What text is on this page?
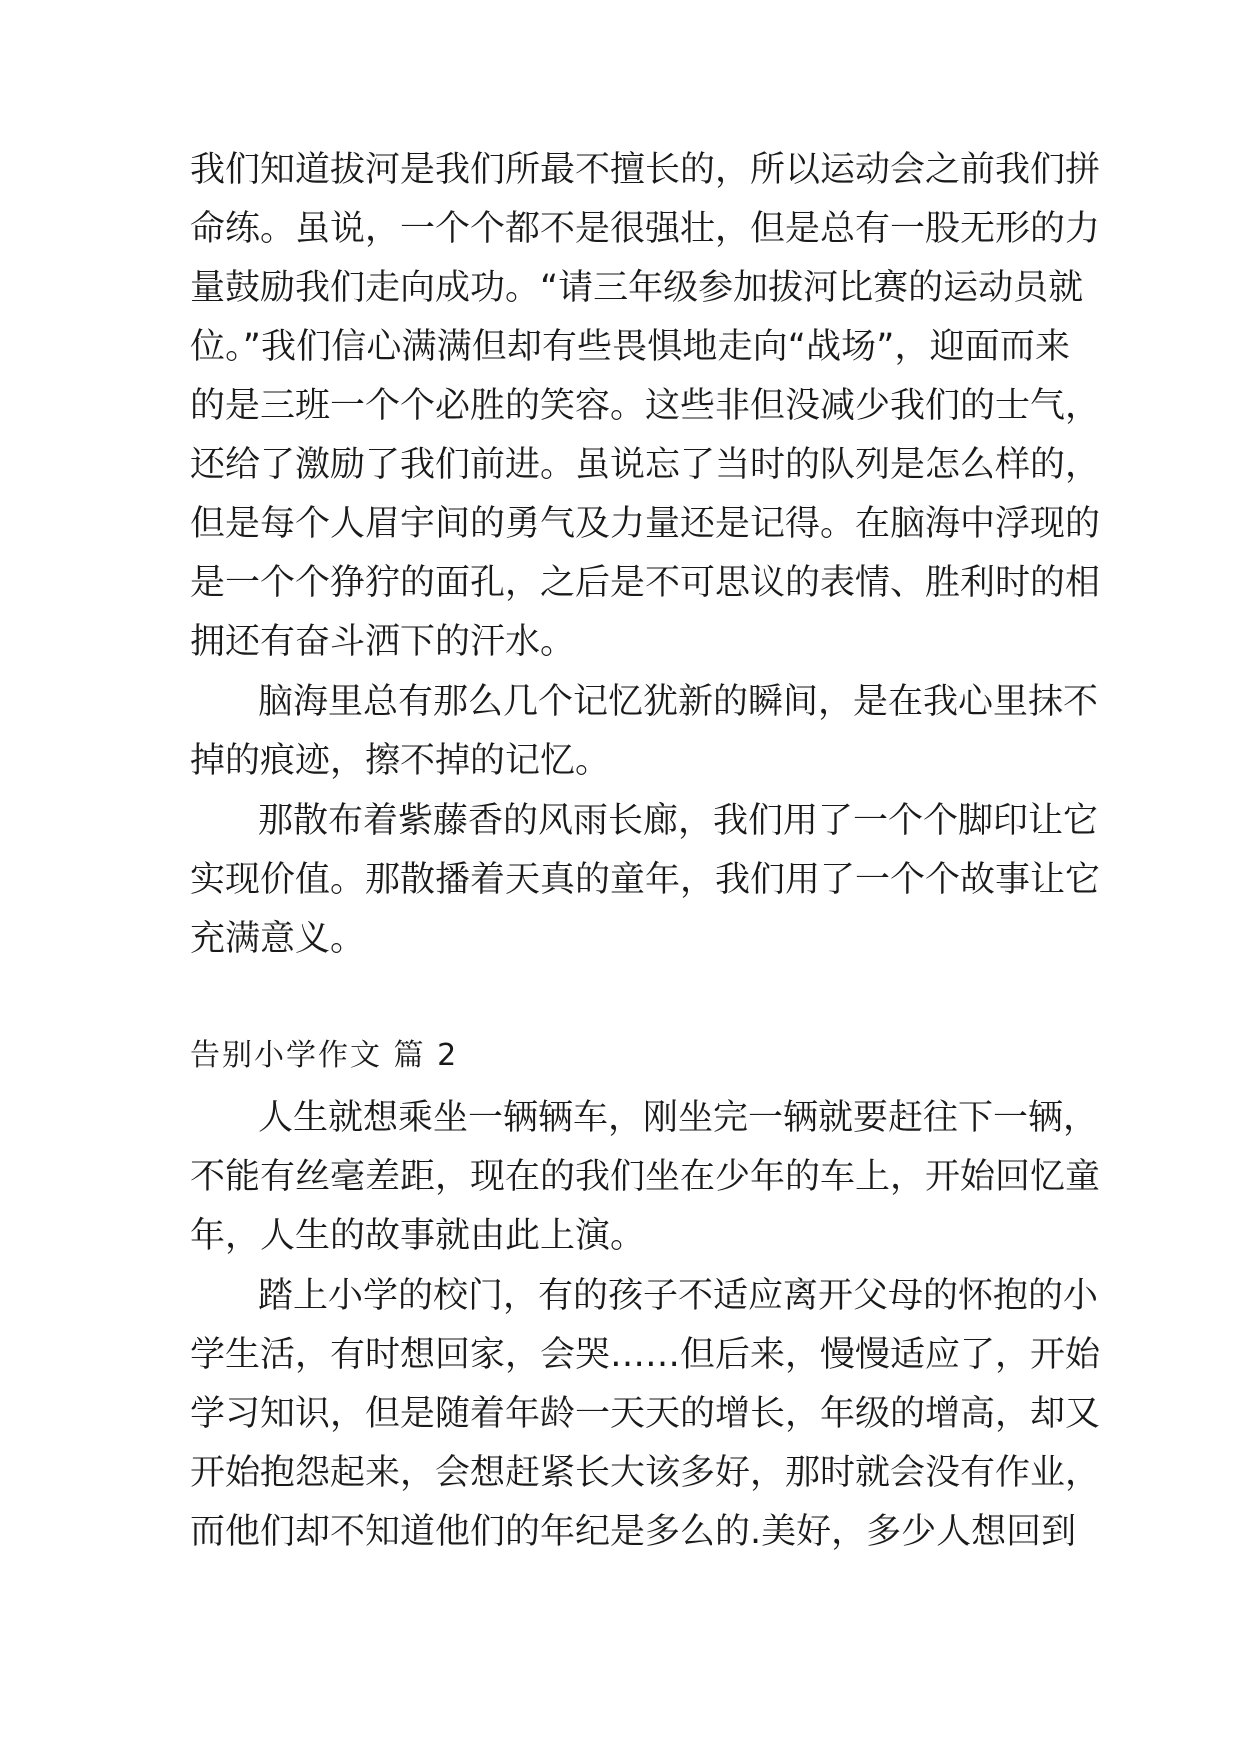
我们知道拔河是我们所最不擅长的，所以运动会之前我们拼
命练。虽说，一个个都不是很强壮，但是总有一股无形的力
量鼓励我们走向成功。“请三年级参加拔河比赛的运动员就
位。”我们信心满满但却有些畏惧地走向“战场”，迎面而来
的是三班一个个必胜的笑容。这些非但没减少我们的士气，
还给了激励了我们前进。虽说忘了当时的队列是怎么样的，
但是每个人眉宇间的勇气及力量还是记得。在脑海中浮现的
是一个个狰狞的面孔，之后是不可思议的表情、胜利时的相
拥还有奋斗洒下的汗水。
脑海里总有那么几个记忆犹新的瞬间，是在我心里抹不
掉的痕迹，擦不掉的记忆。
那散布着紫藤香的风雨长廊，我们用了一个个脚印让它
实现价值。那散播着天真的童年，我们用了一个个故事让它
充满意义。
告别小学作文 篇 2
人生就想乘坐一辆辆车，刚坐完一辆就要赶往下一辆，
不能有丝毫差距，现在的我们坐在少年的车上，开始回忆童
年，人生的故事就由此上演。
踏上小学的校门，有的孩子不适应离开父母的怀抱的小
学生活，有时想回家，会哭……但后来，慢慢适应了，开始
学习知识，但是随着年龄一天天的增长，年级的增高，却又
开始抱怨起来，会想赶紧长大该多好，那时就会没有作业，
而他们却不知道他们的年纪是多么的.美好，多少人想回到
